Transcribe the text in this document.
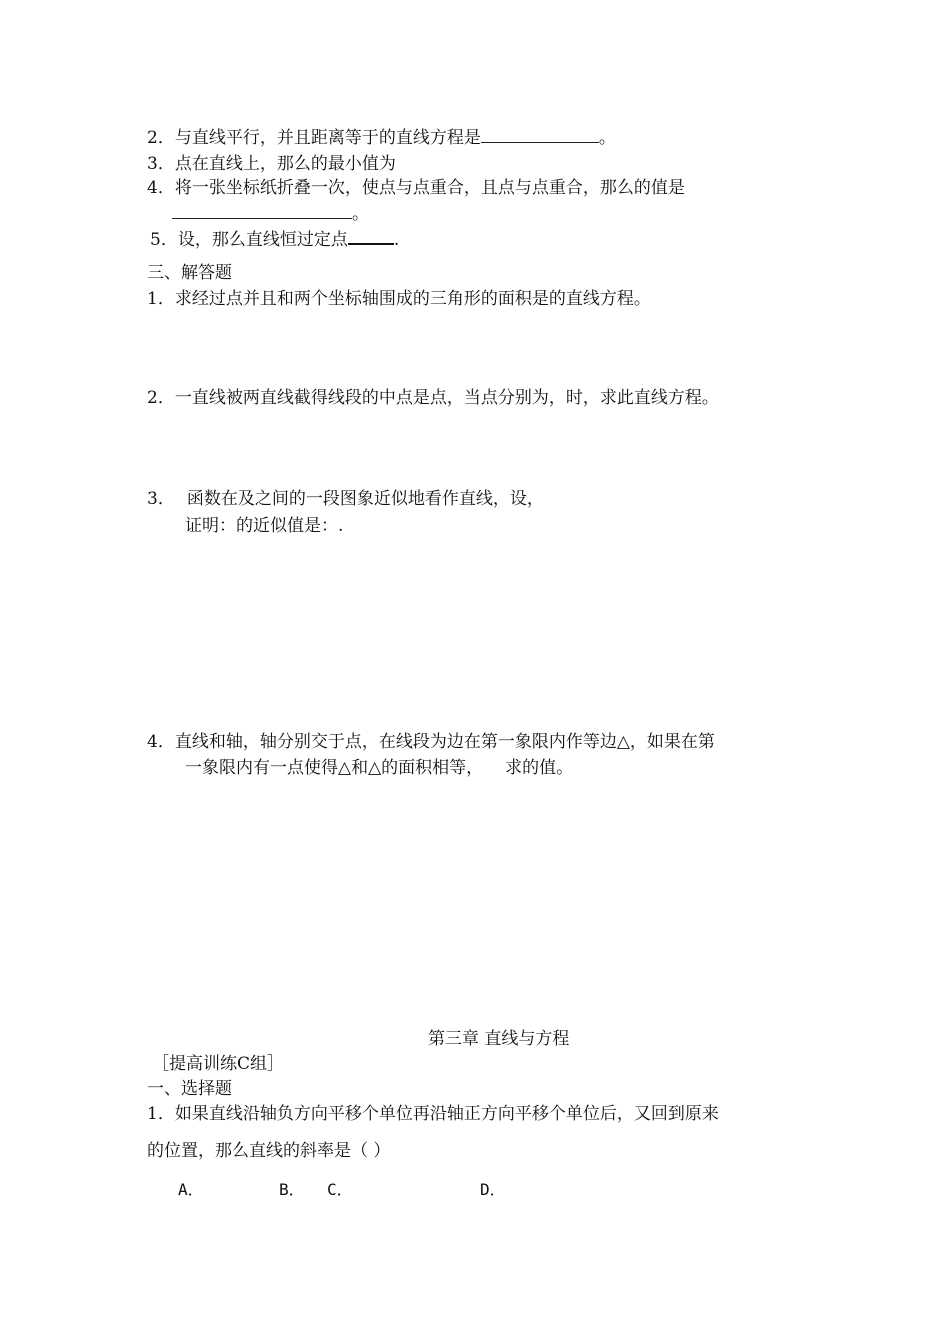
2．与直线平行，并且距离等于的直线方程是	。
3．点在直线上，那么的最小值为
4．将一张坐标纸折叠一次，使点与点重合，且点与点重合，那么的值是
。
5．设，那么直线恒过定点	.
三、解答题
1．求经过点并且和两个坐标轴围成的三角形的面积是的直线方程。
2．一直线被两直线截得线段的中点是点，当点分别为，时，求此直线方程。
3． 函数在及之间的一段图象近似地看作直线，设，
证明：的近似值是：.
4．直线和轴，轴分别交于点，在线段为边在第一象限内作等边△，如果在第
一象限内有一点使得△和△的面积相等， 求的值。
第三章 直线与方程
［提高训练C组］
一、选择题
1．如果直线沿轴负方向平移个单位再沿轴正方向平移个单位后，又回到原来
的位置，那么直线的斜率是（ ）
A．	B． C．	D．
